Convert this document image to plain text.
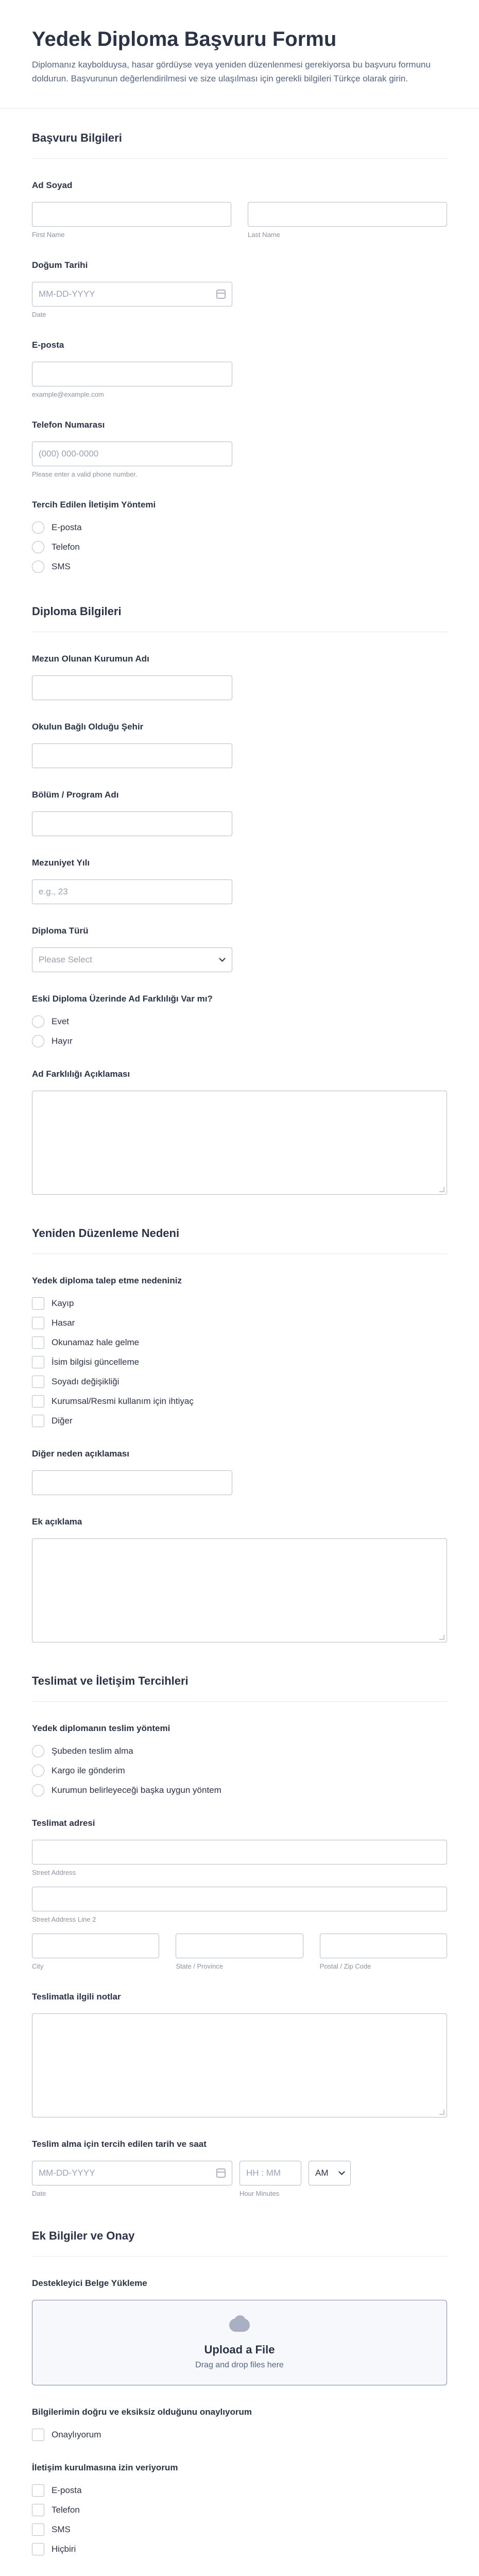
Yedek Diploma Başvuru Formu

Diplomanız kaybolduysa, hasar gördüyse veya yeniden düzenlenmesi gerekiyorsa bu başvuru formunu doldurun. Başvurunun değerlendirilmesi ve size ulaşılması için gerekli bilgileri Türkçe olarak girin.

Başvuru Bilgileri
Ad Soyad
First Name	Last Name
Doğum Tarihi
MM-DD-YYYY
Date
E-posta
example@example.com
Telefon Numarası
(000) 000-0000
Please enter a valid phone number.
Tercih Edilen İletişim Yöntemi
E-posta
Telefon
SMS
Diploma Bilgileri
Mezun Olunan Kurumun Adı
Okulun Bağlı Olduğu Şehir
Bölüm / Program Adı
Mezuniyet Yılı
e.g., 23
Diploma Türü
Please Select
Eski Diploma Üzerinde Ad Farklılığı Var mı?
Evet
Hayır
Ad Farklılığı Açıklaması
Yeniden Düzenleme Nedeni
Yedek diploma talep etme nedeniniz
Kayıp
Hasar
Okunamaz hale gelme
İsim bilgisi güncelleme
Soyadı değişikliği
Kurumsal/Resmi kullanım için ihtiyaç
Diğer
Diğer neden açıklaması
Ek açıklama
Teslimat ve İletişim Tercihleri
Yedek diplomanın teslim yöntemi
Şubeden teslim alma
Kargo ile gönderim
Kurumun belirleyeceği başka uygun yöntem
Teslimat adresi
Street Address
Street Address Line 2
City	State / Province	Postal / Zip Code
Teslimatla ilgili notlar
Teslim alma için tercih edilen tarih ve saat
MM-DD-YYYY
Date
HH : MM
Hour Minutes
AM
Ek Bilgiler ve Onay
Destekleyici Belge Yükleme
Upload a File
Drag and drop files here
Bilgilerimin doğru ve eksiksiz olduğunu onaylıyorum
Onaylıyorum
İletişim kurulmasına izin veriyorum
E-posta
Telefon
SMS
Hiçbiri
